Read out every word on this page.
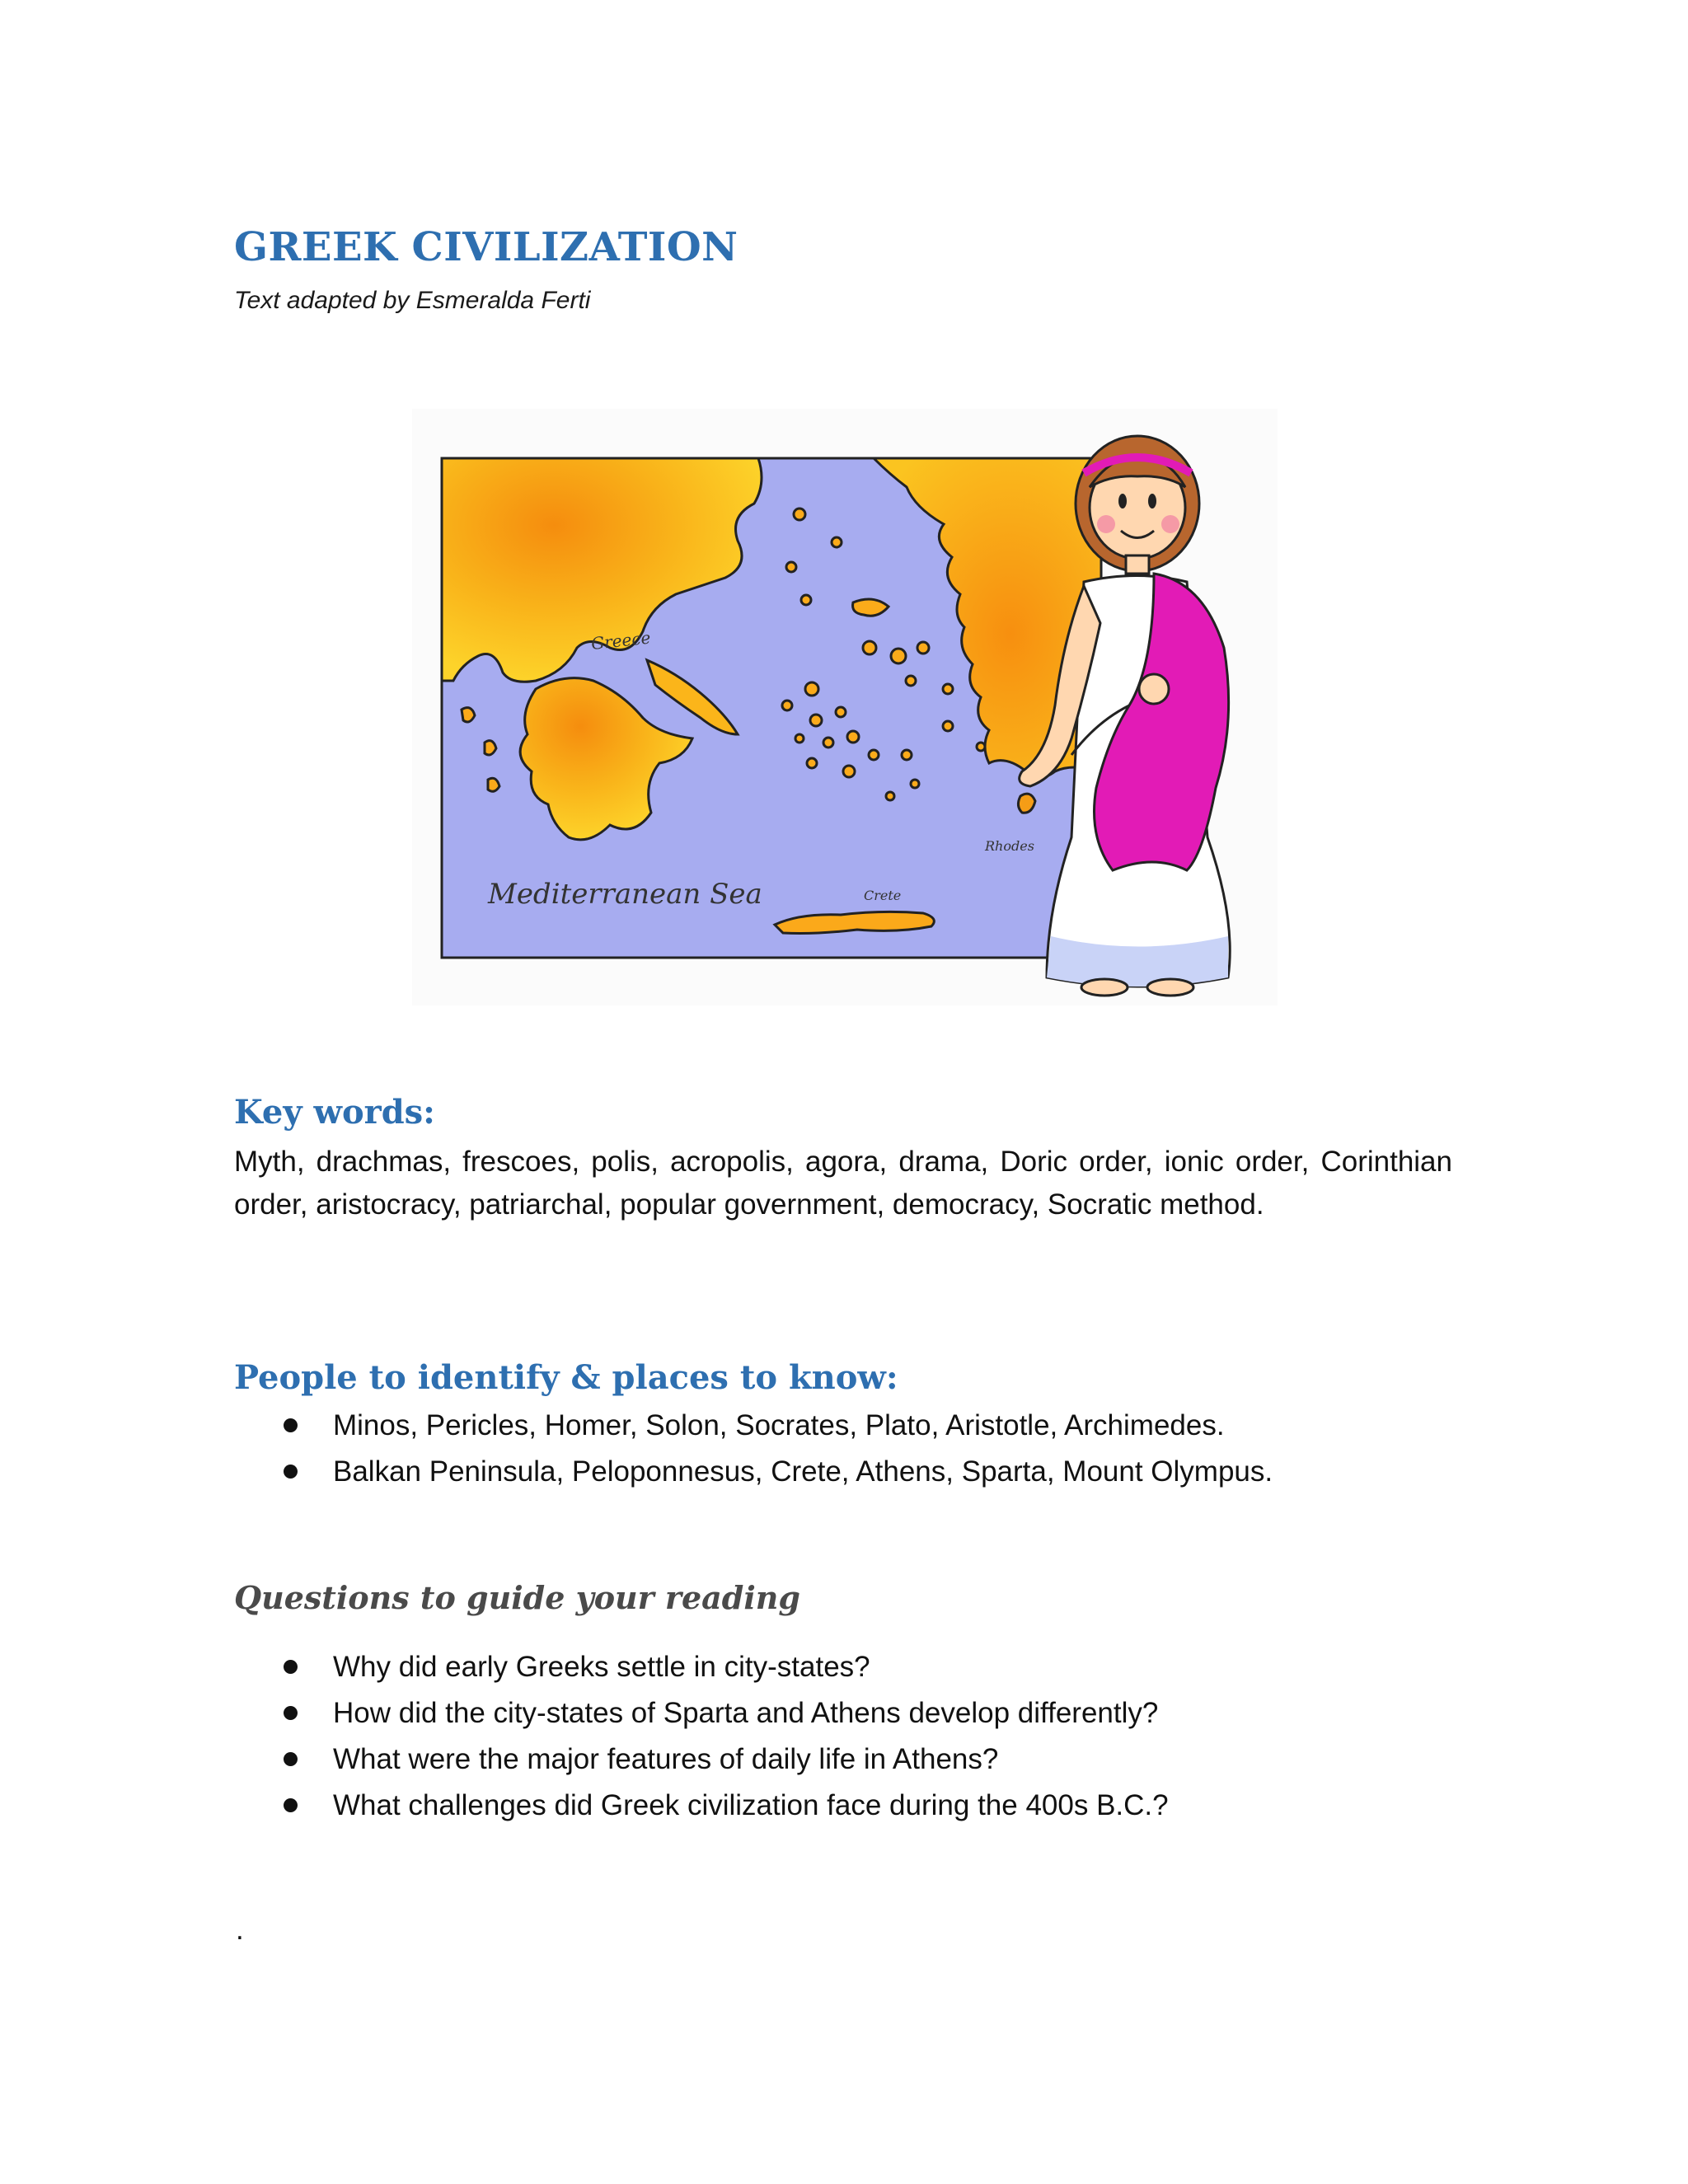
GREEK CIVILIZATION

Text adapted by Esmeralda Ferti

Greece
Mediterranean Sea	Crete
Rhodes
Key words:

Myth, drachmas, frescoes, polis, acropolis, agora, drama, Doric order, ionic order, Corinthian order, aristocracy, patriarchal, popular government, democracy, Socratic method.

People to identify & places to know:
Minos, Pericles, Homer, Solon, Socrates, Plato, Aristotle, Archimedes.
Balkan Peninsula, Peloponnesus, Crete, Athens, Sparta, Mount Olympus.
Questions to guide your reading
Why did early Greeks settle in city-states?
How did the city-states of Sparta and Athens develop differently?
What were the major features of daily life in Athens?
What challenges did Greek civilization face during the 400s B.C.?

.
